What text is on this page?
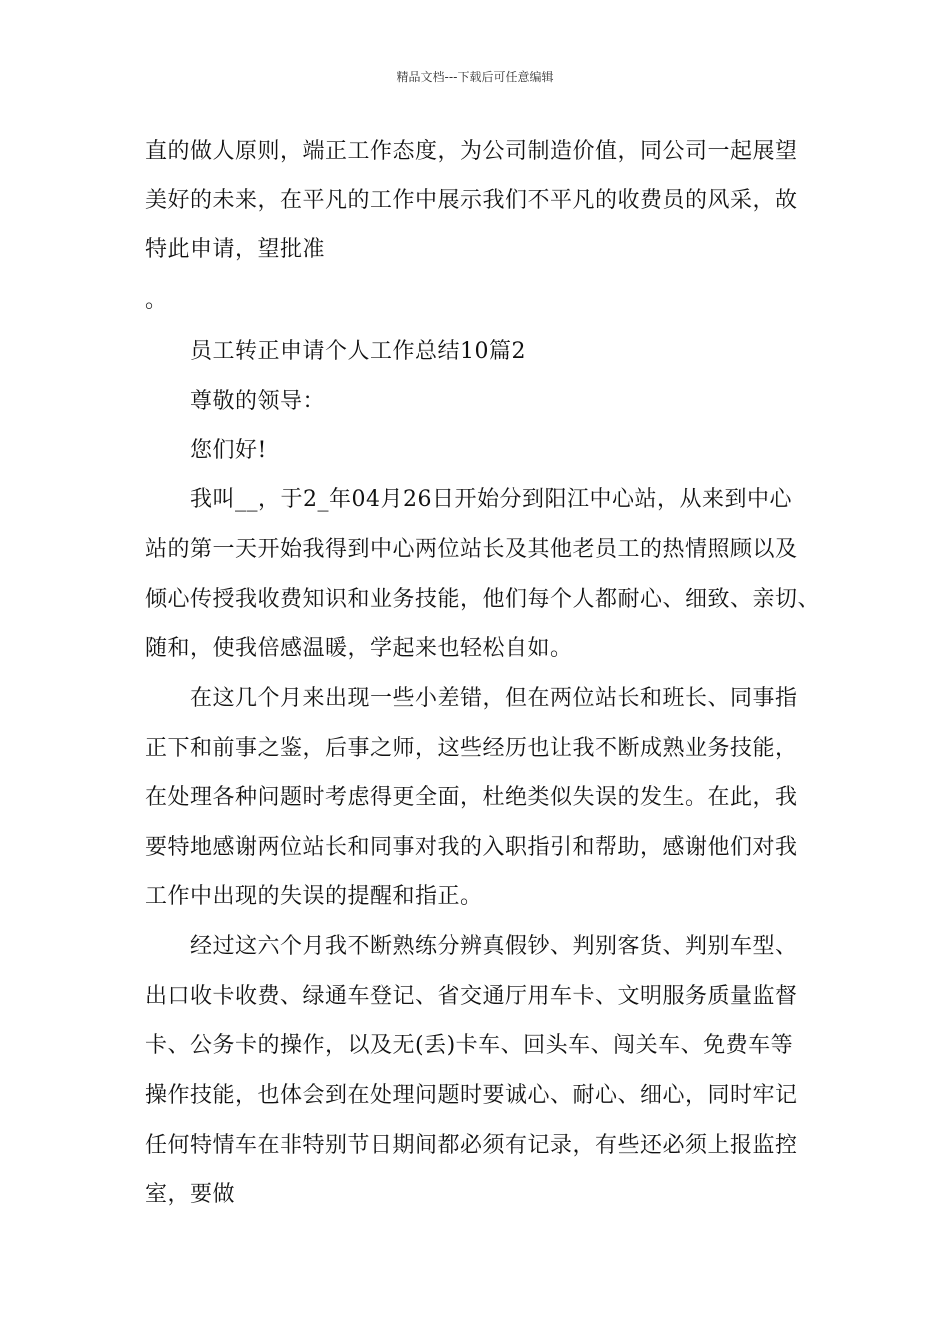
精品文档---下载后可任意编辑
直的做人原则，端正工作态度，为公司制造价值，同公司一起展望
美好的未来，在平凡的工作中展示我们不平凡的收费员的风采，故
特此申请，望批准
。
员工转正申请个人工作总结10篇2
尊敬的领导：
您们好!
我叫__，于2_年04月26日开始分到阳江中心站，从来到中心
站的第一天开始我得到中心两位站长及其他老员工的热情照顾以及
倾心传授我收费知识和业务技能，他们每个人都耐心、细致、亲切、
随和，使我倍感温暖，学起来也轻松自如。
在这几个月来出现一些小差错，但在两位站长和班长、同事指
正下和前事之鉴，后事之师，这些经历也让我不断成熟业务技能，
在处理各种问题时考虑得更全面，杜绝类似失误的发生。在此，我
要特地感谢两位站长和同事对我的入职指引和帮助，感谢他们对我
工作中出现的失误的提醒和指正。
经过这六个月我不断熟练分辨真假钞、判别客货、判别车型、
出口收卡收费、绿通车登记、省交通厅用车卡、文明服务质量监督
卡、公务卡的操作，以及无(丢)卡车、回头车、闯关车、免费车等
操作技能，也体会到在处理问题时要诚心、耐心、细心，同时牢记
任何特情车在非特别节日期间都必须有记录，有些还必须上报监控
室，要做
